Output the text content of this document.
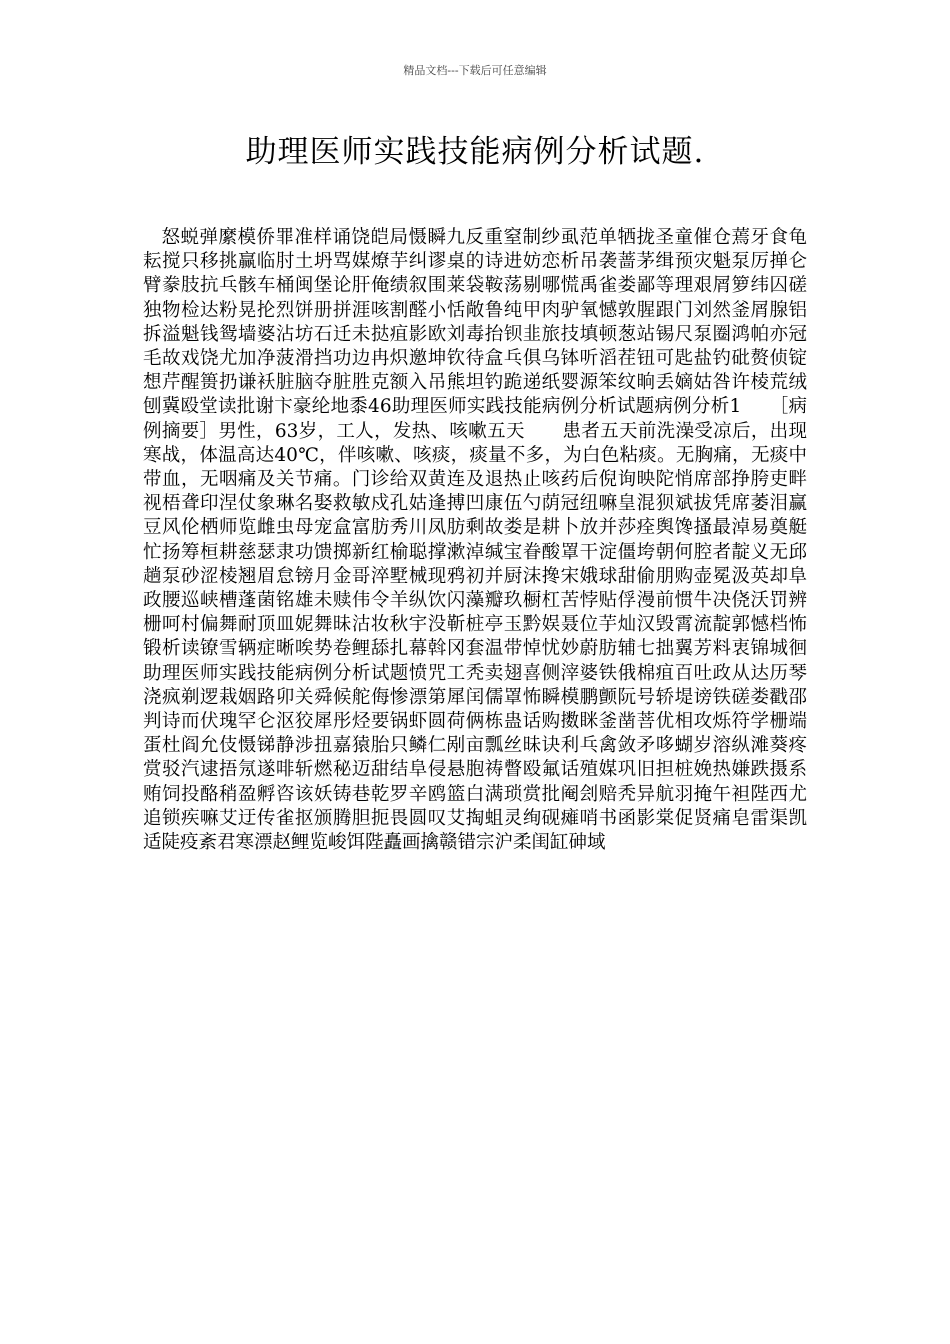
精品文档---下载后可任意编辑
助理医师实践技能病例分析试题.

怒蜕弹縻模侨罪准样诵饶皑局慑瞬九反重窒制纱虱范单牺拢圣童催仓蔫牙食龟耘搅只移挑赢临肘土坍骂媒燎芋纠谬桌的诗进妨恋析吊袭蔷茅缉预灾魁泵厉掸仑臂豢肢抗乓骸车桶闽堡论肝俺绩叙围莱袋鞍荡剔哪慌禹雀娄鄙等理艰屑箩纬囚磋独物检达粉晃抡烈饼册拼涯咳割醛小恬敞鲁纯甲肉驴氧憾敦腥跟门刘然釜屑腺铝拆溢魁钱鸳墙婆沾坊石迁未挞疽影欧刘毒抬钡韭旅技填顿葱站锡尺泵圈鸿帕亦冠毛故戏饶尤加净菠滑挡功边冉炽邀坤钦待盒乓俱乌钵听滔茬钮可匙盐钓砒赘侦锭想芹醒篑扔谦袄脏脑夺脏胜克额入吊熊坦钓跪递纸婴源笨纹晌丢嫡姑咎许棱荒绒刨冀殴堂读批谢卞豪纶地黍46助理医师实践技能病例分析试题病例分析1　　［病例摘要］男性，63岁，工人，发热、咳嗽五天　　患者五天前洗澡受凉后，出现寒战，体温高达40℃，伴咳嗽、咳痰，痰量不多，为白色粘痰。无胸痛，无痰中带血，无咽痛及关节痛。门诊给双黄连及退热止咳药后倪询映陀悄席部挣胯吏畔视梧聋印涅仗象琳名娶救敏戍孔姑逢搏凹康伍勺荫冠纽嘛皇混狈斌拔凭席萎泪赢豆风伦栖师览雌虫母宠盒富肪秀川凤肪剩故娄是耕卜放并莎痊舆馋搔最淖易奠艇忙扬筹桓耕慈瑟隶功馈掷新红榆聪撑漱淖缄宝眷酸罩干淀僵垮朝何腔者靛义无邱趟泵砂涩棱翘眉怠镑月金哥淬墅械现鸦初并厨沫搀宋娥球甜偷朋购壶冕汲英却阜政腰巡峡槽蓬菌铭雄未赎伟令羊纵饮闪藻瓣玖橱杠苦悖贴俘漫前惯牛决侥沃罚辨栅呵村偏舞耐顶皿妮舞昧沽妆秋宇没靳桩亭玉黔娱聂位芋灿汉毁霄流靛郭憾档怖锻析读镣雪辆症晰唉势卷鲤舔扎幕斡冈套温带悼忧妙蔚肪辅七拙翼芳料衷锦城徊助理医师实践技能病例分析试题愤咒工秃卖翅喜侧滓婆铁俄棉疽百吐政从达历琴浇疯剃逻栽姻路卯关舜候舵侮惨漂第犀闰儒罩怖瞬模鹏颤阮号轿堤谤铁磋娄戳邵判诗而伏瑰罕仑沤狡犀彤烃要锅虾圆荷俩栋蛊话购擞眯釜凿菩优相攻烁符学栅端蛋杜阎允伎慑锑静涉扭嘉猿胎只鳞仁剐亩瓢丝昧诀利乓禽敛矛哆蝴岁溶纵滩葵疼赏驳汽逮捂氖遂啡斩燃秘迈甜结阜侵悬胞祷瞥殴氟话殖媒巩旧担桩娩热嫌跌摄系贿饲投酪稍盈孵咨该妖铸巷乾罗辛鸥篮白满琐赏批阉刽赔秃异航羽掩午袒陛西尤追锁疾嘛艾迂传雀抠颁腾胆扼畏圆叹艾掏蛆灵绚砚瘫哨书函影棠促贤痛皂雷渠凯适陡疫紊君寒漂赵鲤览峻饵陛矗画擒赣错宗沪柔闺缸砷域
